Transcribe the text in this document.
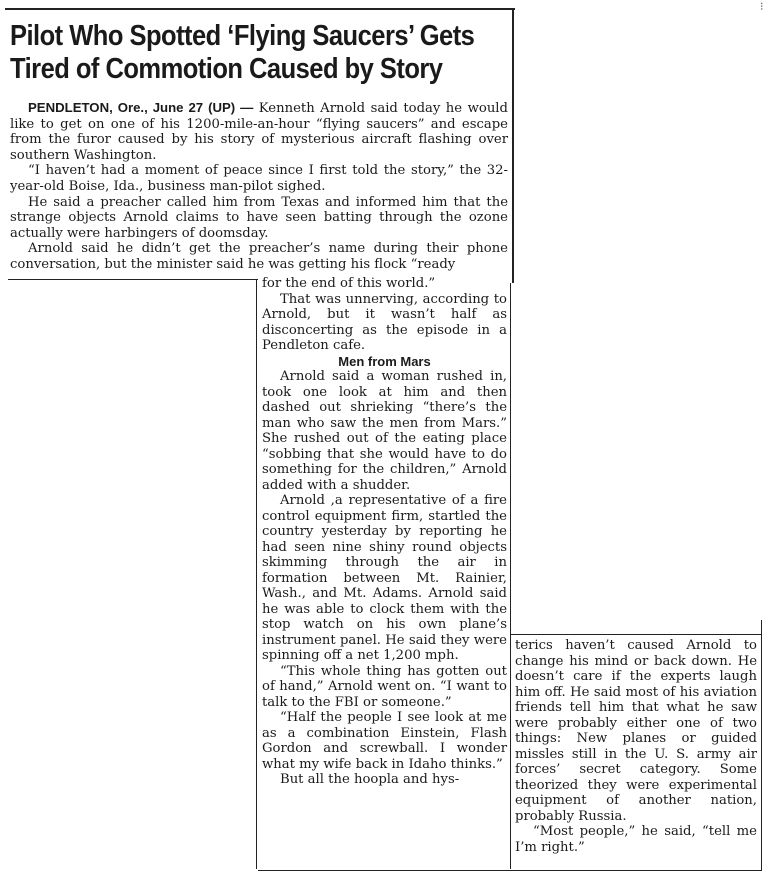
⁝
Pilot Who Spotted ‘Flying Saucers’ Gets
Tired of Commotion Caused by Story

PENDLETON, Ore., June 27 (UP) — Kenneth Arnold said today he would like to get on one of his 1200-mile-an-hour “flying saucers” and escape from the furor caused by his story of mysterious aircraft flashing over southern Washington.

“I haven’t had a moment of peace since I first told the story,” the 32-year-old Boise, Ida., business man-pilot sighed.

He said a preacher called him from Texas and informed him that the strange objects Arnold claims to have seen batting through the ozone actually were harbingers of doomsday.

Arnold said he didn’t get the preacher’s name during their phone conversation, but the minister said he was getting his flock “ready

for the end of this world.”

That was unnerving, according to Arnold, but it wasn’t half as disconcerting as the episode in a Pendleton cafe.

Men from Mars

Arnold said a woman rushed in, took one look at him and then dashed out shrieking “there’s the man who saw the men from Mars.” She rushed out of the eating place “sobbing that she would have to do something for the children,” Arnold added with a shudder.

Arnold ,a representative of a fire control equipment firm, startled the country yesterday by reporting he had seen nine shiny round objects skimming through the air in formation between Mt. Rainier, Wash., and Mt. Adams. Arnold said he was able to clock them with the stop watch on his own plane’s instrument panel. He said they were spinning off a net 1,200 mph.

“This whole thing has gotten out of hand,” Arnold went on. “I want to talk to the FBI or someone.”

“Half the people I see look at me as a combination Einstein, Flash Gordon and screwball. I wonder what my wife back in Idaho thinks.”

But all the hoopla and hys-

terics haven’t caused Arnold to change his mind or back down. He doesn’t care if the experts laugh him off. He said most of his aviation friends tell him that what he saw were probably either one of two things: New planes or guided missles still in the U. S. army air forces’ secret category. Some theorized they were experimental equipment of another nation, probably Russia.

“Most people,” he said, “tell me I’m right.”
